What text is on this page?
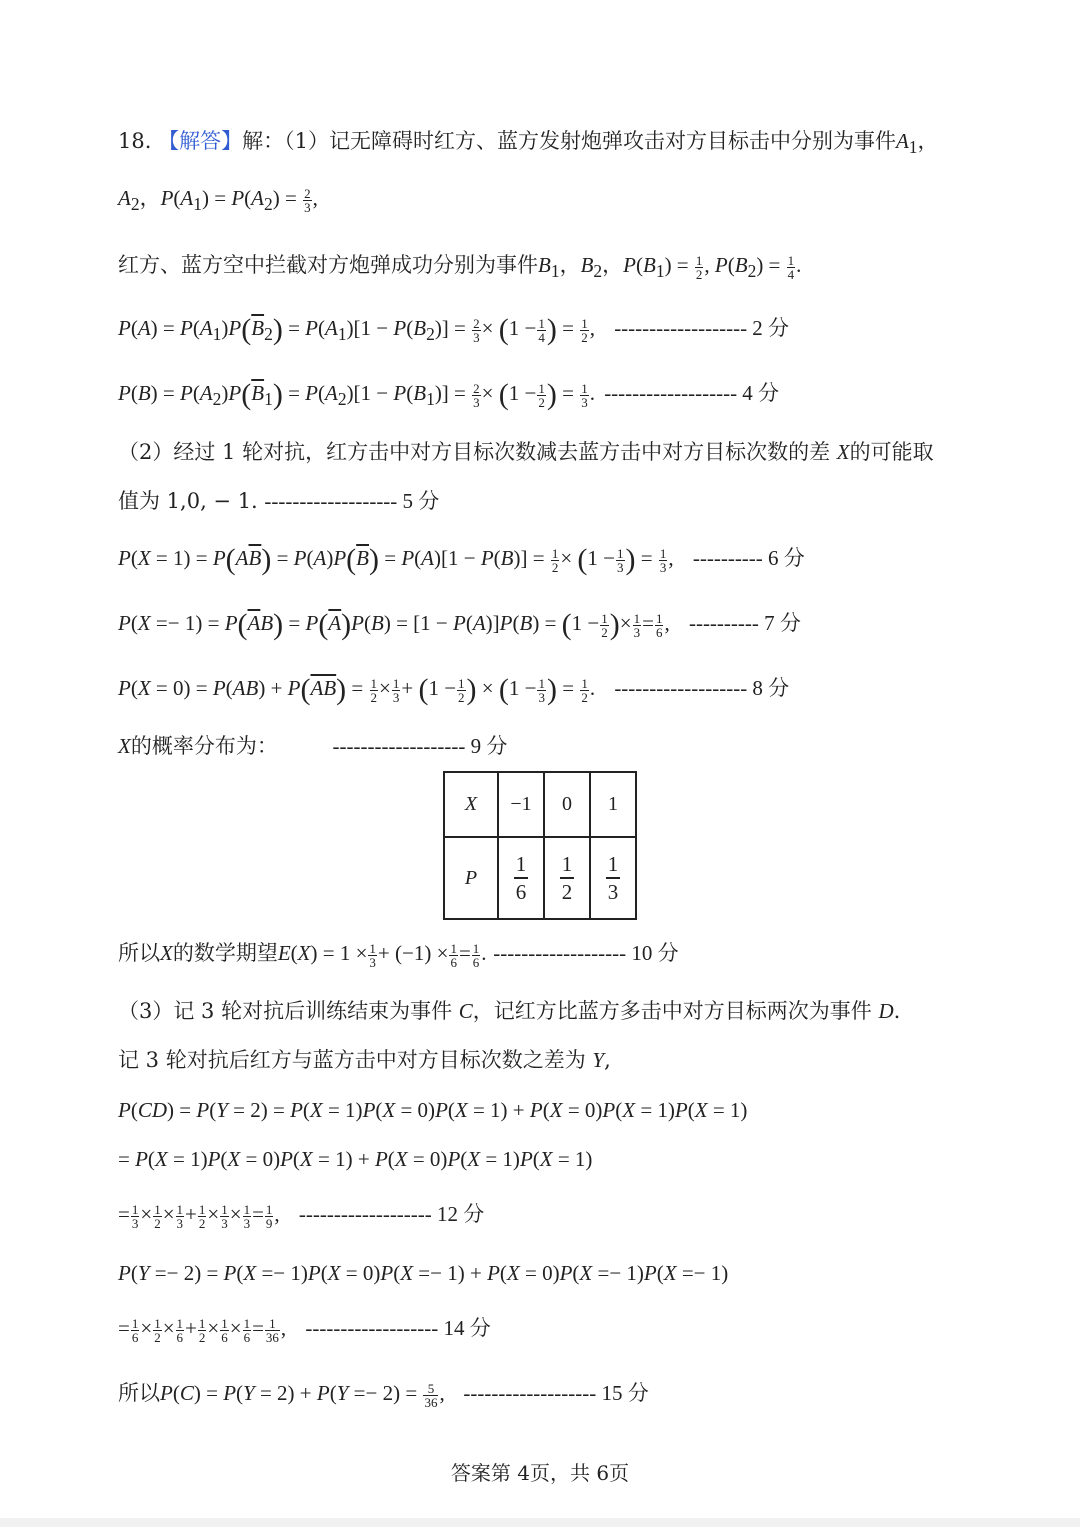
18. 【解答】解：（1）记无障碍时红方、蓝方发射炮弹攻击对方目标击中分别为事件$A_1$，
$A_2$，$P(A_1) = P(A_2) = \frac{2}{3}$ ,
红方、蓝方空中拦截对方炮弹成功分别为事件$B_1$，$B_2$，$P(B_1) = \frac{1}{2}$ , $P(B_2) = \frac{1}{4}$ .
$P(A) = P(A_1)P(\overline{B}_2) = P(A_1)[1 - P(B_2)] = \frac{2}{3} \times (1 - \frac{1}{4}$ ) = $\frac{1}{2}$ , ------------------- 2 分
$P(B) = P(A_2)P(\overline{B}_1) = P(A_2)[1 - P(B_1)] = \frac{2}{3} \times (1 - \frac{1}{2}$ ) = $\frac{1}{3}$ . ------------------- 4 分
（2）经过 1 轮对抗，红方击中对方目标次数减去蓝方击中对方目标次数的差 X的可能取
值为 1,0, − 1. ------------------- 5 分
$P(X = 1) = P(A\overline{B}) = P(A)P(\overline{B}) = P(A)[1 - P(B)] = \frac{1}{2} \times (1 - \frac{1}{3}$ ) = $\frac{1}{3}$ , ---------- 6 分
$P(X =- 1) = P(\overline{A}B) = P(\overline{A})P(B) = [1 - P(A)]P(B) = (1 - \frac{1}{2}$ )× $\frac{1}{3} = \frac{1}{6}$ , ---------- 7 分
$P(X = 0) = P(AB) + P(\overline{AB}) = \frac{1}{2} \times \frac{1}{3} + (1 - \frac{1}{2}$ ) × ($1 - \frac{1}{3}$ ) = $\frac{1}{2}$ . ------------------- 8 分
X的概率分布为：	------------------- 9 分
X	−1	0	1
P	$\frac{1}{6}$	$\frac{1}{2}$	$\frac{1}{3}$
所以X的数学期望$E(X) = 1 \times \frac{1}{3} + (-1) \times \frac{1}{6} = \frac{1}{6}$ . ------------------- 10 分
（3）记 3 轮对抗后训练结束为事件 C，记红方比蓝方多击中对方目标两次为事件 D.
记 3 轮对抗后红方与蓝方击中对方目标次数之差为 Y,
P(CD) = P(Y = 2) = P(X = 1)P(X = 0)P(X = 1) + P(X = 0)P(X = 1)P(X = 1)
= P(X = 1)P(X = 0)P(X = 1) + P(X = 0)P(X = 1)P(X = 1)
= $\frac{1}{3} \times \frac{1}{2} \times \frac{1}{3} + \frac{1}{2} \times \frac{1}{3} \times \frac{1}{3} = \frac{1}{9}$ , ------------------- 12 分
P(Y =− 2) = P(X =− 1)P(X = 0)P(X =− 1) + P(X = 0)P(X =− 1)P(X =− 1)
= $\frac{1}{6} \times \frac{1}{2} \times \frac{1}{6} + \frac{1}{2} \times \frac{1}{6} \times \frac{1}{6} = \frac{1}{36}$ , ------------------- 14 分
所以$P(C) = P(Y = 2) + P(Y =- 2) = \frac{5}{36}$ , ------------------- 15 分
答案第 4页，共 6页
